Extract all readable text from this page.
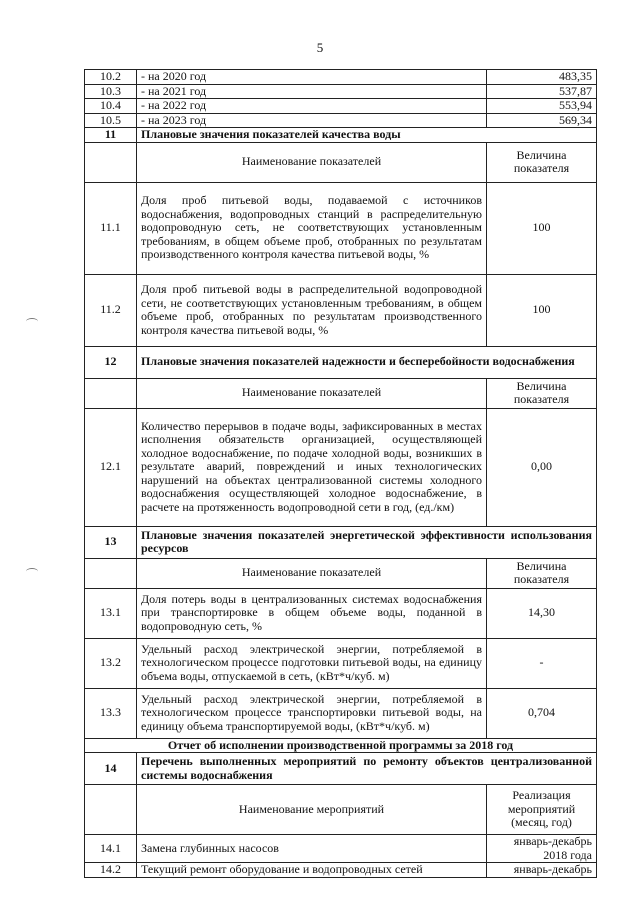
5
10.2	- на 2020 год	483,35
10.3	- на 2021 год	537,87
10.4	- на 2022 год	553,94
10.5	- на 2023 год	569,34
11	Плановые значения показателей качества воды	
	Наименование показателей	Величина показателя
11.1	Доля проб питьевой воды, подаваемой с источников водоснабжения, водопроводных станций в распределительную водопроводную сеть, не соответствующих установленным требованиям, в общем объеме проб, отобранных по результатам производственного контроля качества питьевой воды, %	100
11.2	Доля проб питьевой воды в распределительной водопроводной сети, не соответствующих установленным требованиям, в общем объеме проб, отобранных по результатам производственного контроля качества питьевой воды, %	100
12	Плановые значения показателей надежности и бесперебойности водоснабжения	
	Наименование показателей	Величина показателя
12.1	Количество перерывов в подаче воды, зафиксированных в местах исполнения обязательств организацией, осуществляющей холодное водоснабжение, по подаче холодной воды, возникших в результате аварий, повреждений и иных технологических нарушений на объектах централизованной системы холодного водоснабжения осуществляющей холодное водоснабжение, в расчете на протяженность водопроводной сети в год, (ед./км)	0,00
13	Плановые значения показателей энергетической эффективности использования ресурсов	
	Наименование показателей	Величина показателя
13.1	Доля потерь воды в централизованных системах водоснабжения при транспортировке в общем объеме воды, поданной в водопроводную сеть, %	14,30
13.2	Удельный расход электрической энергии, потребляемой в технологическом процессе подготовки питьевой воды, на единицу объема воды, отпускаемой в сеть, (кВт*ч/куб. м)	-
13.3	Удельный расход электрической энергии, потребляемой в технологическом процессе транспортировки питьевой воды, на единицу объема транспортируемой воды, (кВт*ч/куб. м)	0,704
Отчет об исполнении производственной программы за 2018 год		
14	Перечень выполненных мероприятий по ремонту объектов централизованной системы водоснабжения	
	Наименование мероприятий	Реализация мероприятий (месяц, год)
14.1	Замена глубинных насосов	январь-декабрь 2018 года
14.2	Текущий ремонт оборудование и водопроводных сетей	январь-декабрь
